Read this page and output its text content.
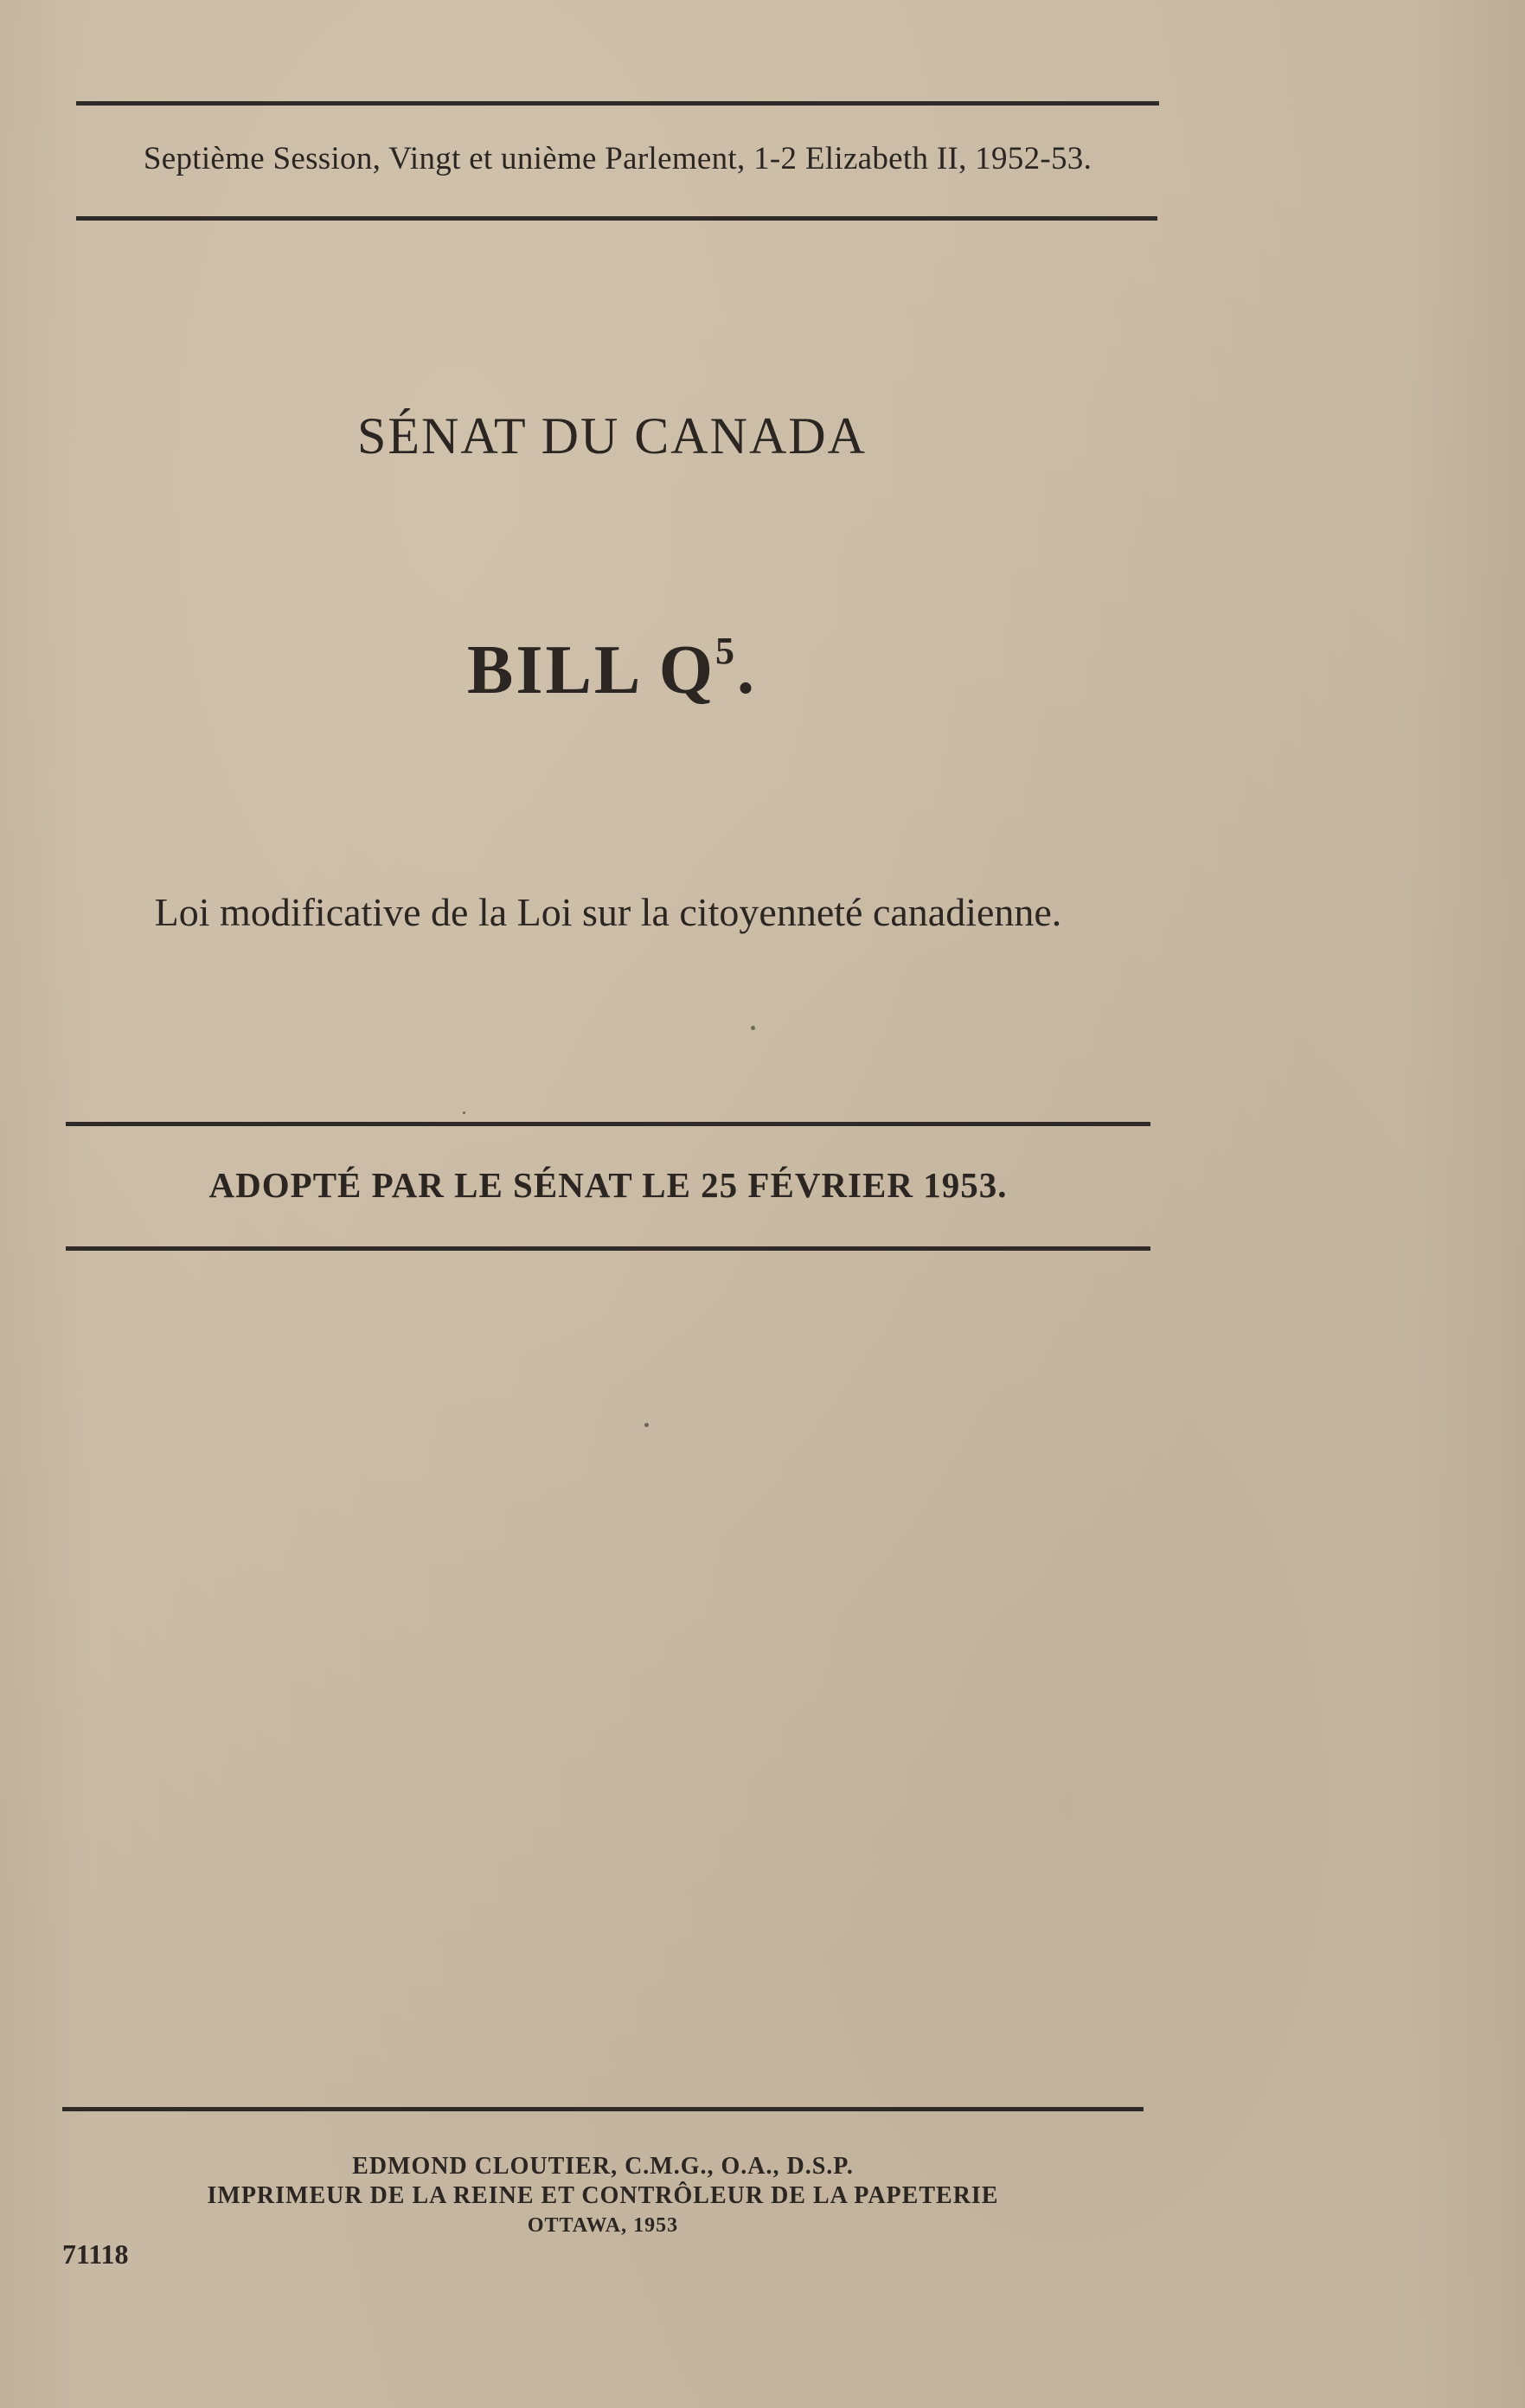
Septième Session, Vingt et unième Parlement, 1-2 Elizabeth II, 1952-53.
SÉNAT DU CANADA
BILL $Q^5$.
Loi modificative de la Loi sur la citoyenneté canadienne.
ADOPTÉ PAR LE SÉNAT LE 25 FÉVRIER 1953.
EDMOND CLOUTIER, C.M.G., O.A., D.S.P.
IMPRIMEUR DE LA REINE ET CONTRÔLEUR DE LA PAPETERIE
OTTAWA, 1953
71118
